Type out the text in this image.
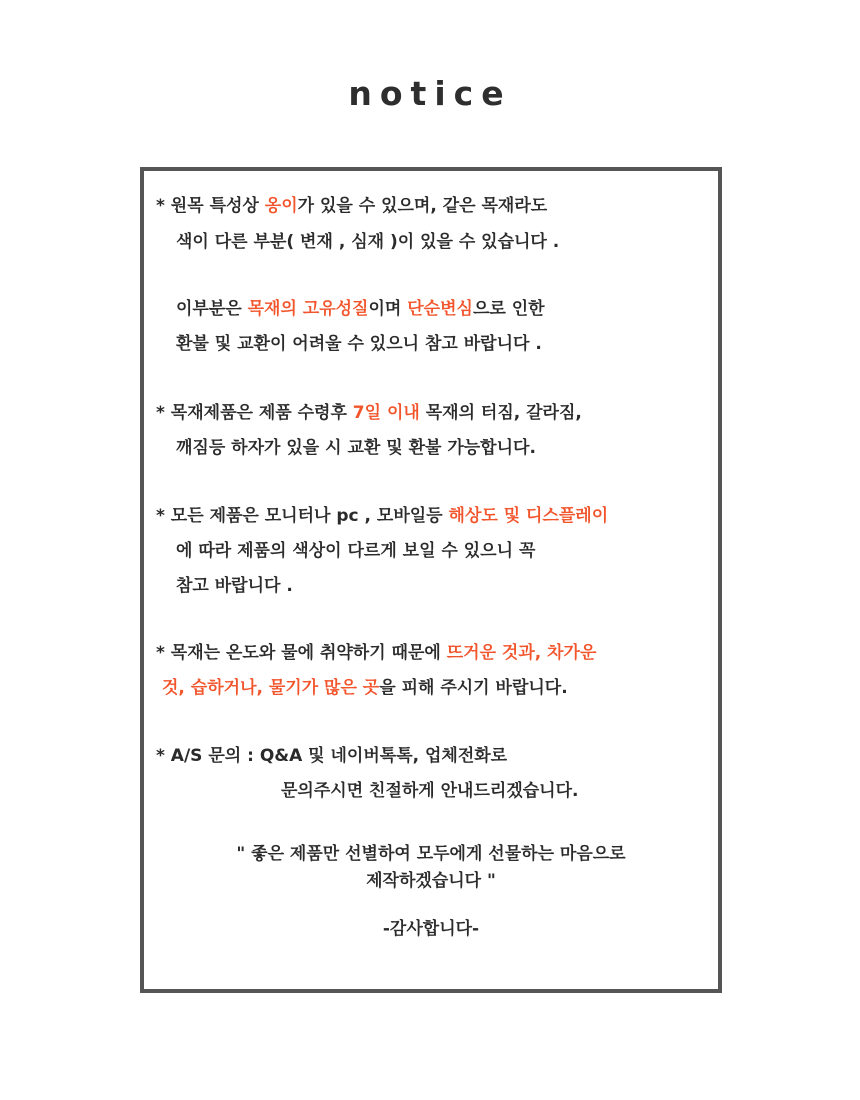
notice
* 원목 특성상 옹이가 있을 수 있으며, 같은 목재라도
색이 다른 부분( 변재 , 심재 )이 있을 수 있습니다 .
이부분은 목재의 고유성질이며 단순변심으로 인한
환불 및 교환이 어려울 수 있으니 참고 바랍니다 .
* 목재제품은 제품 수령후 7일 이내 목재의 터짐, 갈라짐,
깨짐등 하자가 있을 시 교환 및 환불 가능합니다.
* 모든 제품은 모니터나 pc , 모바일등 해상도 및 디스플레이
에 따라 제품의 색상이 다르게 보일 수 있으니 꼭
참고 바랍니다 .
* 목재는 온도와 물에 취약하기 때문에 뜨거운 것과, 차가운
것, 습하거나, 물기가 많은 곳을 피해 주시기 바랍니다.
* A/S 문의 : Q&A 및 네이버톡톡, 업체전화로
문의주시면 친절하게 안내드리겠습니다.
" 좋은 제품만 선별하여 모두에게 선물하는 마음으로
제작하겠습니다 "
-감사합니다-
